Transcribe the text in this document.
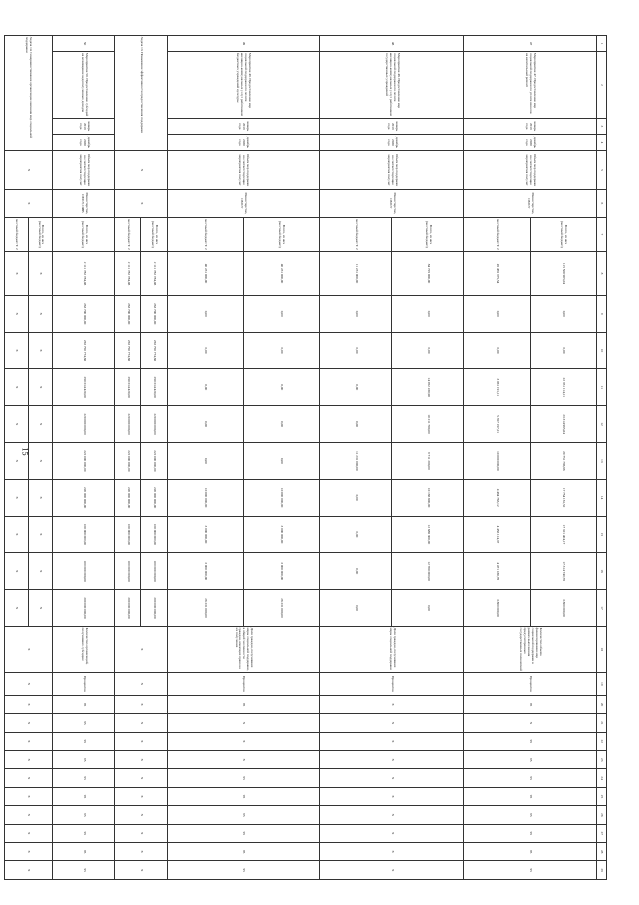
15
1	2	3	4	5	6	7	8	9	10	11	12	13	14	15	16	17	18	19	20	21	22	23	24	25	26	27	28	29
47	Мероприятие 47. Предоставление мер социальной поддержки по уплате взносов на капитальный ремонт	январь 2019 года	декабрь 2030 года	Объем мер поддержки на соответствующие мероприятия получат	Министерство, ОМСУ	Всего, из них (местный бюджет)	115 500 905,04	0,00	0,00	22 351 114,11	23 314 965,84	20 751 796,66	17 754 161,52	17 321 404,17	17 314 740,78	3 800 000,00	Количество объема финансирования мер социальной поддержки в рамках выполнения предусмотренных государственных полномочий	Процентов	95	X	95	95	95	95	95	95	95	95
						местный бюджет Т. 2	45 459 375,54	0,00	0,00	3 061 191,11	5 357 197,21	10 000 000,00	4 464 763,12	4 456 114,37	4 471 180,78	3 800 000,00												
48	Мероприятие 48. Предоставление мер социальной поддержки по оплате жилищно-коммунальных услуг работникам государственных учреждений	январь 2019 года	декабрь 2030 года	Объем мер поддержки на соответствующие мероприятия получат	Министерство, ОМСУ	Всего, из них (местный бюджет)	84 729 000,00	0,00	0,00	14 052 230,90	10 211 700,00	9 711 200,00	10 166 800,00	12 888 300,00	12 700 000,00	0,00	Доля граждан, получивших меры социальной поддержки	Процентов	X	X	X	X	X	X	X	X	X	X
						местный бюджет Т. 2	11 231 000,00	0,00	0,00	0,00	0,00	11 231 000,00	0,00	0,00	0,00	0,00												
49	Мероприятие 49. Предоставление мер социальной поддержки по оплате жилищно-коммунальных услуг работникам бюджетных учреждений культуры	январь 2019 года	декабрь 2030 года	Объем мер поддержки на соответствующие мероприятия получат	Министерство, ОМСУ	Всего, из них (местный бюджет)	40 231 000,00	0,00	0,00	0,00	0,00	0,00	10 000 000,00	3 000 000,00	3 000 000,00	28 231 000,00	Доля граждан, получивших меры социальной поддержки, в общей численности граждан, имеющих право на их получение	Процентов	95	X	X	X	95	95	95	95	95	95
						местный бюджет Т. 2	40 231 000,00	0,00	0,00	0,00	0,00	0,00	10 000 000,00	3 000 000,00	3 000 000,00	28 231 000,00												
Задача 13. Повышение эффективности предоставления поддержки				X	X	Всего, из них (местный бюджет)	2 111 782 784,08	263 700 000,00	263 750 774,68	290 014 420,00	220 000 000,00	222 000 000,00	220 000 000,00	100 000 000,00	100 000 000,00	200 000 000,00	X	X	X	X	X	X	X	X	X	X	X	X
						местный бюджет Т. 2	2 111 782 784,08	263 700 000,00	263 750 774,68	290 014 420,00	220 000 000,00	222 000 000,00	220 000 000,00	100 000 000,00	100 000 000,00	200 000 000,00												
50	Мероприятие 50. Предоставление субсидий на возмещение недополученных доходов	январь 2019 года	декабрь 2030 года	Объем мер поддержки на соответствующие мероприятия получат	Министерство, ОМСУ, ОИВ	Всего, из них (местный бюджет)	2 111 782 784,08	263 700 000,00	263 750 774,68	290 014 420,00	220 000 000,00	222 000 000,00	220 000 000,00	100 000 000,00	100 000 000,00	200 000 000,00	Количество организаций, получивших субсидию	Процентов	95	95	95	95	95	95	95	95	95	95
Задача 14. Совершенствование организации оказания мер социальной поддержки				X	X	Всего, из них (местный бюджет)	X	X	X	X	X	X	X	X	X	X	X	X	X	X	X	X	X	X	X	X	X	X
						местный бюджет Т. 2	X	X	X	X	X	X	X	X	X	X												
